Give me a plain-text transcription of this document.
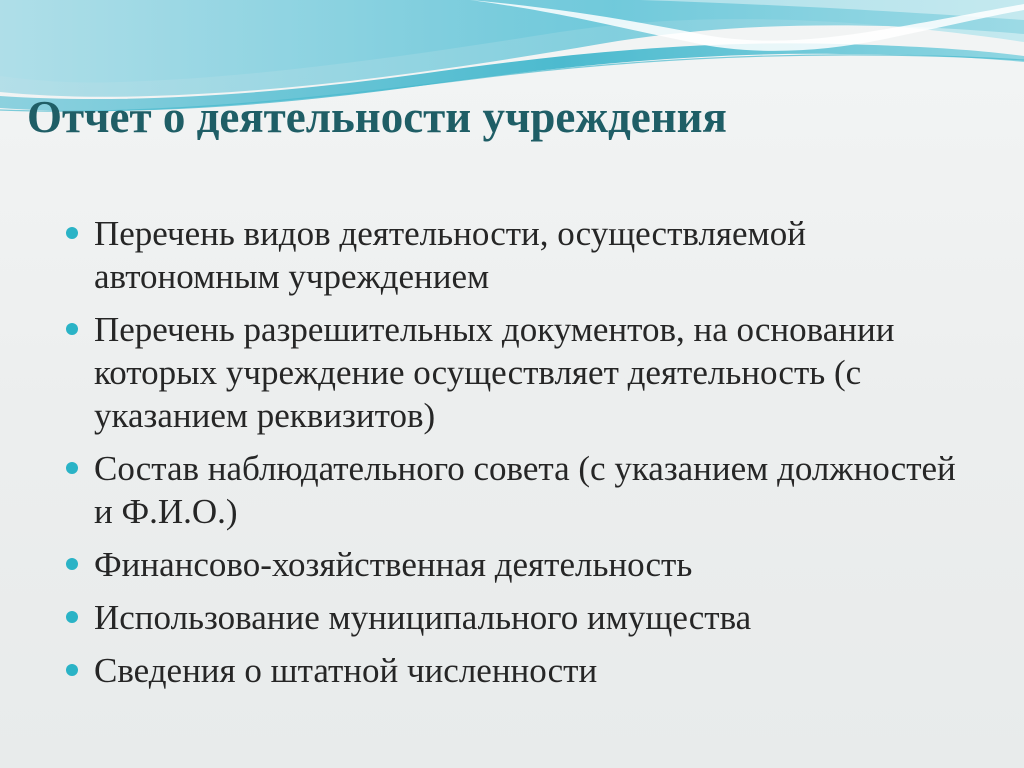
Отчет о деятельности учреждения
Перечень видов деятельности, осуществляемой автономным учреждением
Перечень разрешительных документов, на основании которых учреждение осуществляет деятельность (с указанием реквизитов)
Состав наблюдательного совета (с указанием должностей и Ф.И.О.)
Финансово-хозяйственная деятельность
Использование муниципального имущества
Сведения о штатной численности
